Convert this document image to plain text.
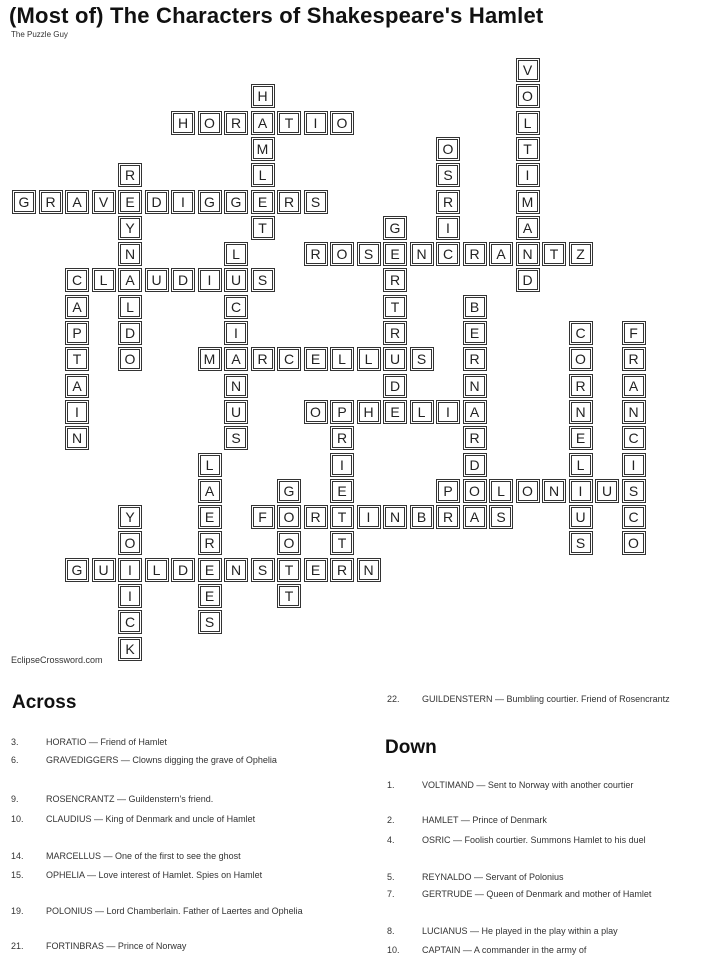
(Most of) The Characters of Shakespeare's Hamlet
The Puzzle Guy
H O R A T I O
G R A V E D I G G E R S
R O S E N C R A N T Z
C L A U D I U S
M A R C E L L U S
O P H E L I A
P O L O N I U S
F O R T I N B R A S
G U I L D E N S T E R N
V
O
L
T
I
M
A
D
H
M
L
T
O
S
R
I
R
Y
N
L
D
O
G
R
T
R
D
L
C
I
N
U
S
A
P
T
A
I
N
B
E
R
N
R
D
C
O
R
N
E
L
U
S
F
R
A
N
C
I
C
O
R
I
E
T
L
A
E
R
E
S
G
O
T
Y
O
I
C
K
EclipseCrossword.com
Across
3.	HORATIO — Friend of Hamlet
6.	GRAVEDIGGERS — Clowns digging the grave of Ophelia
9.	ROSENCRANTZ — Guildenstern's friend.
10.	CLAUDIUS — King of Denmark and uncle of Hamlet
14.	MARCELLUS — One of the first to see the ghost
15.	OPHELIA — Love interest of Hamlet. Spies on Hamlet
19.	POLONIUS — Lord Chamberlain. Father of Laertes and Ophelia
21.	FORTINBRAS — Prince of Norway
22.	GUILDENSTERN — Bumbling courtier. Friend of Rosencrantz
Down
1.	VOLTIMAND — Sent to Norway with another courtier
2.	HAMLET — Prince of Denmark
4.	OSRIC — Foolish courtier. Summons Hamlet to his duel
5.	REYNALDO — Servant of Polonius
7.	GERTRUDE — Queen of Denmark and mother of Hamlet
8.	LUCIANUS — He played in the play within a play
10.	CAPTAIN — A commander in the army of
